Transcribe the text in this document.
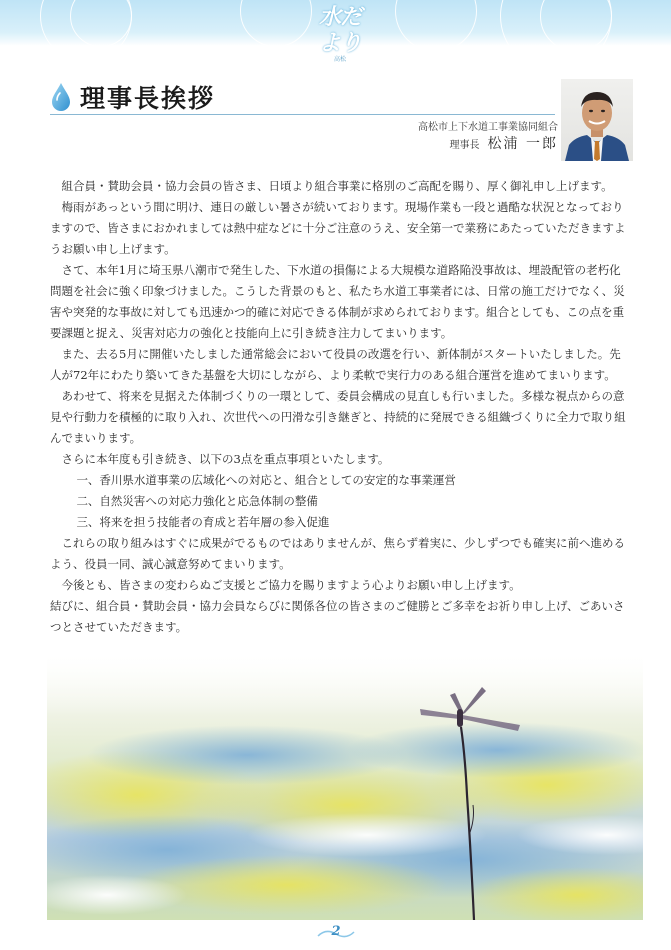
水だより
高松
理事長挨拶
高松市上下水道工事業協同組合
理事長 松浦 一郎

組合員・賛助会員・協力会員の皆さま、日頃より組合事業に格別のご高配を賜り、厚く御礼申し上げます。

梅雨があっという間に明け、連日の厳しい暑さが続いております。現場作業も一段と過酷な状況となっておりますので、皆さまにおかれましては熱中症などに十分ご注意のうえ、安全第一で業務にあたっていただきますようお願い申し上げます。

さて、本年1月に埼玉県八潮市で発生した、下水道の損傷による大規模な道路陥没事故は、埋設配管の老朽化問題を社会に強く印象づけました。こうした背景のもと、私たち水道工事業者には、日常の施工だけでなく、災害や突発的な事故に対しても迅速かつ的確に対応できる体制が求められております。組合としても、この点を重要課題と捉え、災害対応力の強化と技能向上に引き続き注力してまいります。

また、去る5月に開催いたしました通常総会において役員の改選を行い、新体制がスタートいたしました。先人が72年にわたり築いてきた基盤を大切にしながら、より柔軟で実行力のある組合運営を進めてまいります。

あわせて、将来を見据えた体制づくりの一環として、委員会構成の見直しも行いました。多様な視点からの意見や行動力を積極的に取り入れ、次世代への円滑な引き継ぎと、持続的に発展できる組織づくりに全力で取り組んでまいります。

さらに本年度も引き続き、以下の3点を重点事項といたします。

一、香川県水道事業の広域化への対応と、組合としての安定的な事業運営

二、自然災害への対応力強化と応急体制の整備

三、将来を担う技能者の育成と若年層の参入促進

これらの取り組みはすぐに成果がでるものではありませんが、焦らず着実に、少しずつでも確実に前へ進めるよう、役員一同、誠心誠意努めてまいります。

今後とも、皆さまの変わらぬご支援とご協力を賜りますよう心よりお願い申し上げます。

結びに、組合員・賛助会員・協力会員ならびに関係各位の皆さまのご健勝とご多幸をお祈り申し上げ、ごあいさつとさせていただきます。

2
